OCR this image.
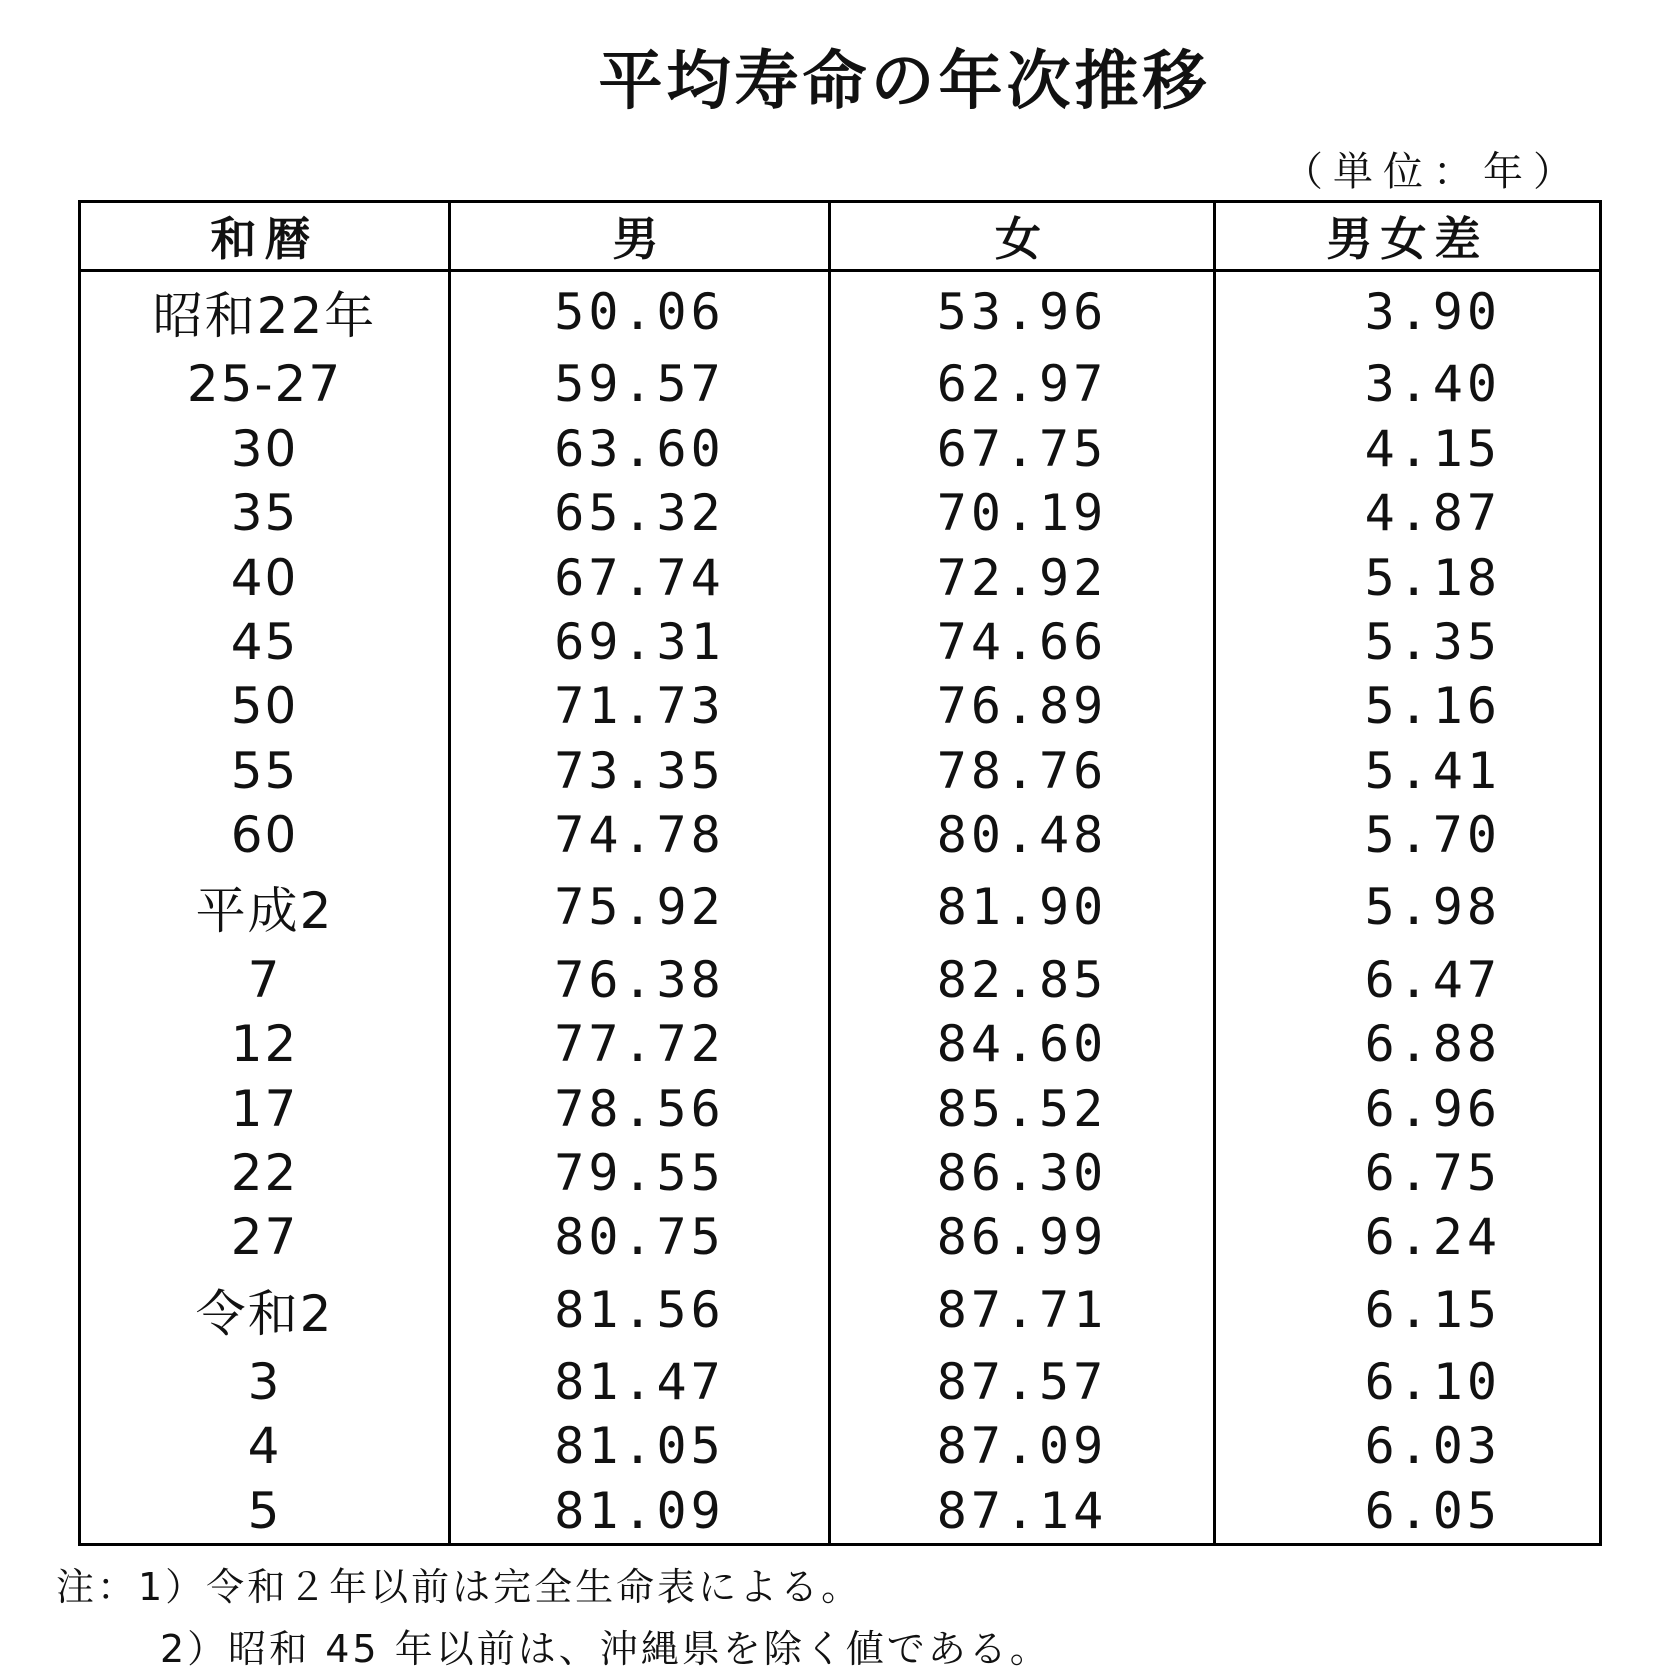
平均寿命の年次推移
（単位：年）
和暦	男	女	男女差
昭和22年	50.06	53.96	3.90
25-27	59.57	62.97	3.40
30	63.60	67.75	4.15
35	65.32	70.19	4.87
40	67.74	72.92	5.18
45	69.31	74.66	5.35
50	71.73	76.89	5.16
55	73.35	78.76	5.41
60	74.78	80.48	5.70
平成2	75.92	81.90	5.98
7	76.38	82.85	6.47
12	77.72	84.60	6.88
17	78.56	85.52	6.96
22	79.55	86.30	6.75
27	80.75	86.99	6.24
令和2	81.56	87.71	6.15
3	81.47	87.57	6.10
4	81.05	87.09	6.03
5	81.09	87.14	6.05
注：1）令和２年以前は完全生命表による。
2）昭和 45 年以前は、沖縄県を除く値である。
